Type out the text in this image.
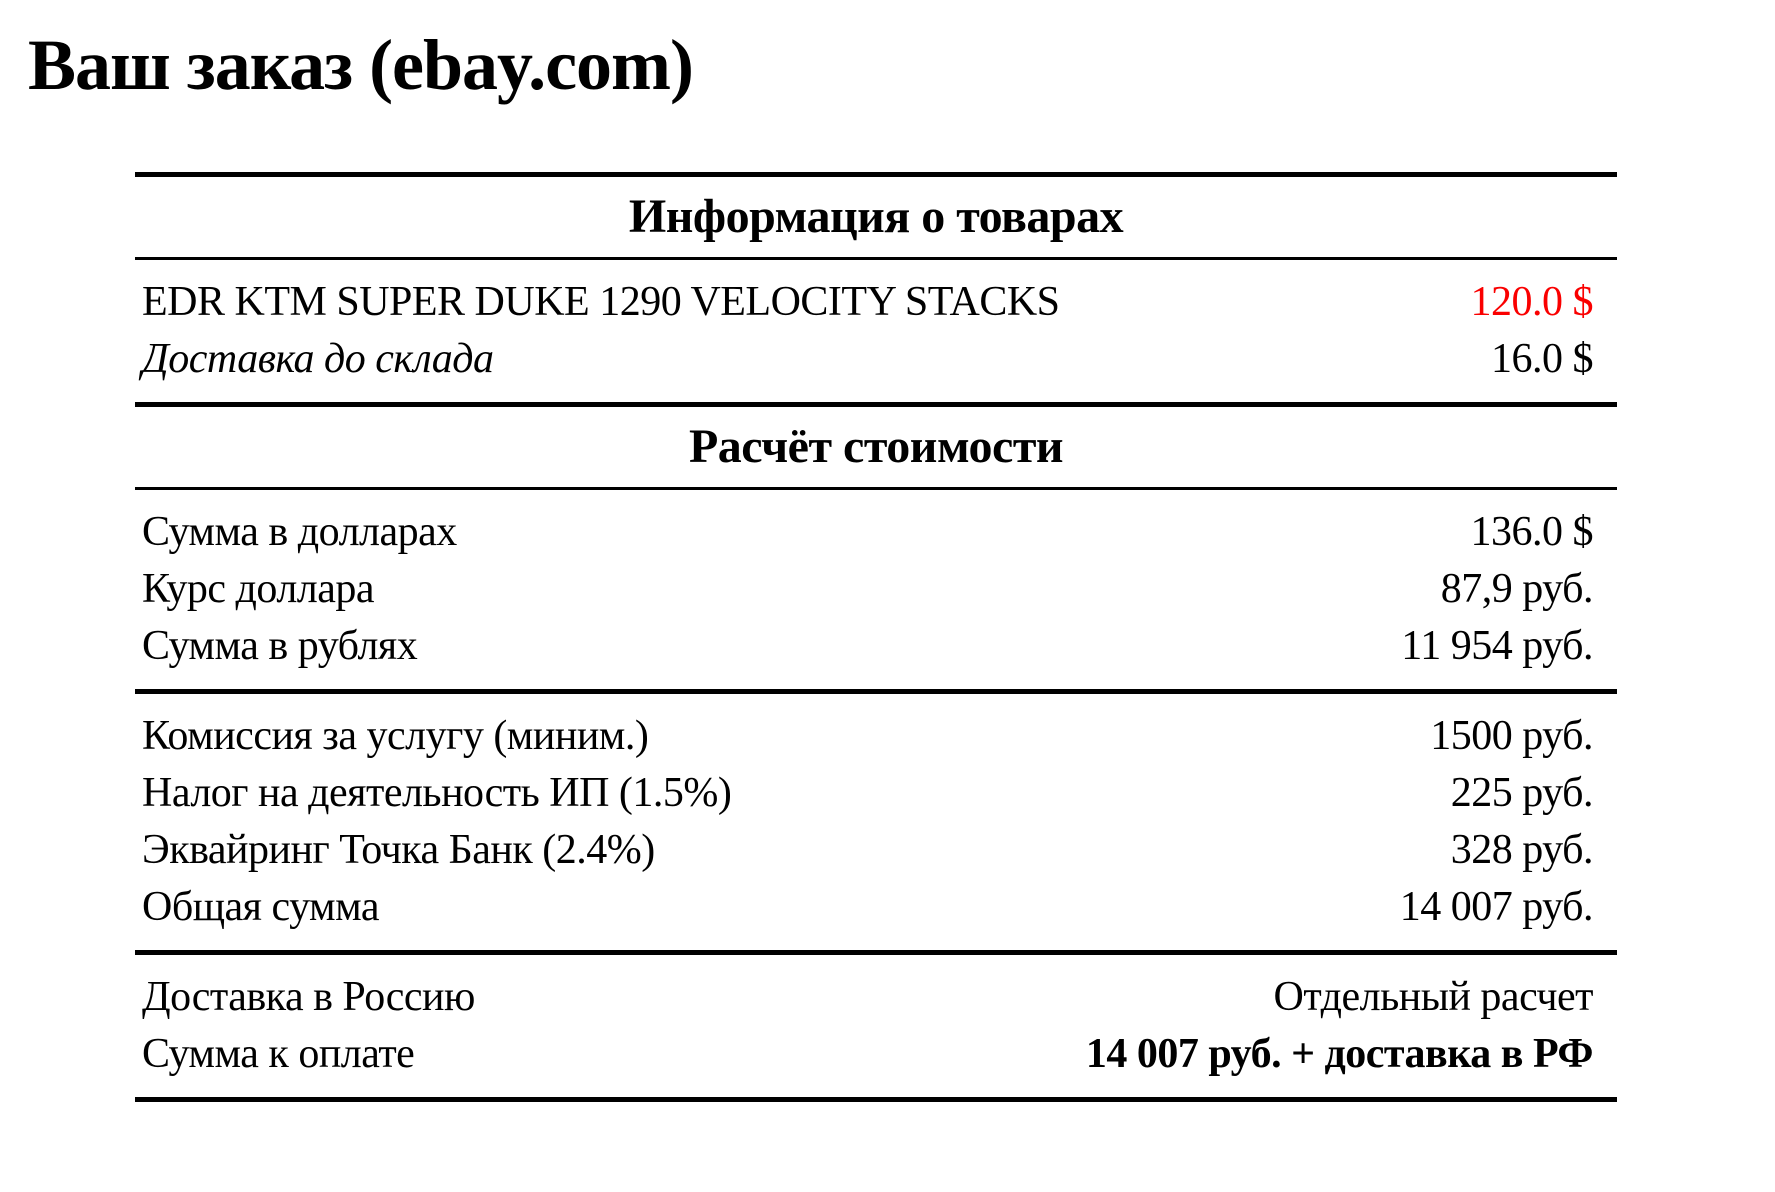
Ваш заказ (ebay.com)
Информация о товарах
EDR KTM SUPER DUKE 1290 VELOCITY STACKS	120.0 $
Доставка до склада	16.0 $
Расчёт стоимости
Сумма в долларах	136.0 $
Курс доллара	87,9 руб.
Сумма в рублях	11 954 руб.
Комиссия за услугу (миним.)	1500 руб.
Налог на деятельность ИП (1.5%)	225 руб.
Эквайринг Точка Банк (2.4%)	328 руб.
Общая сумма	14 007 руб.
Доставка в Россию	Отдельный расчет
Сумма к оплате	14 007 руб. + доставка в РФ
